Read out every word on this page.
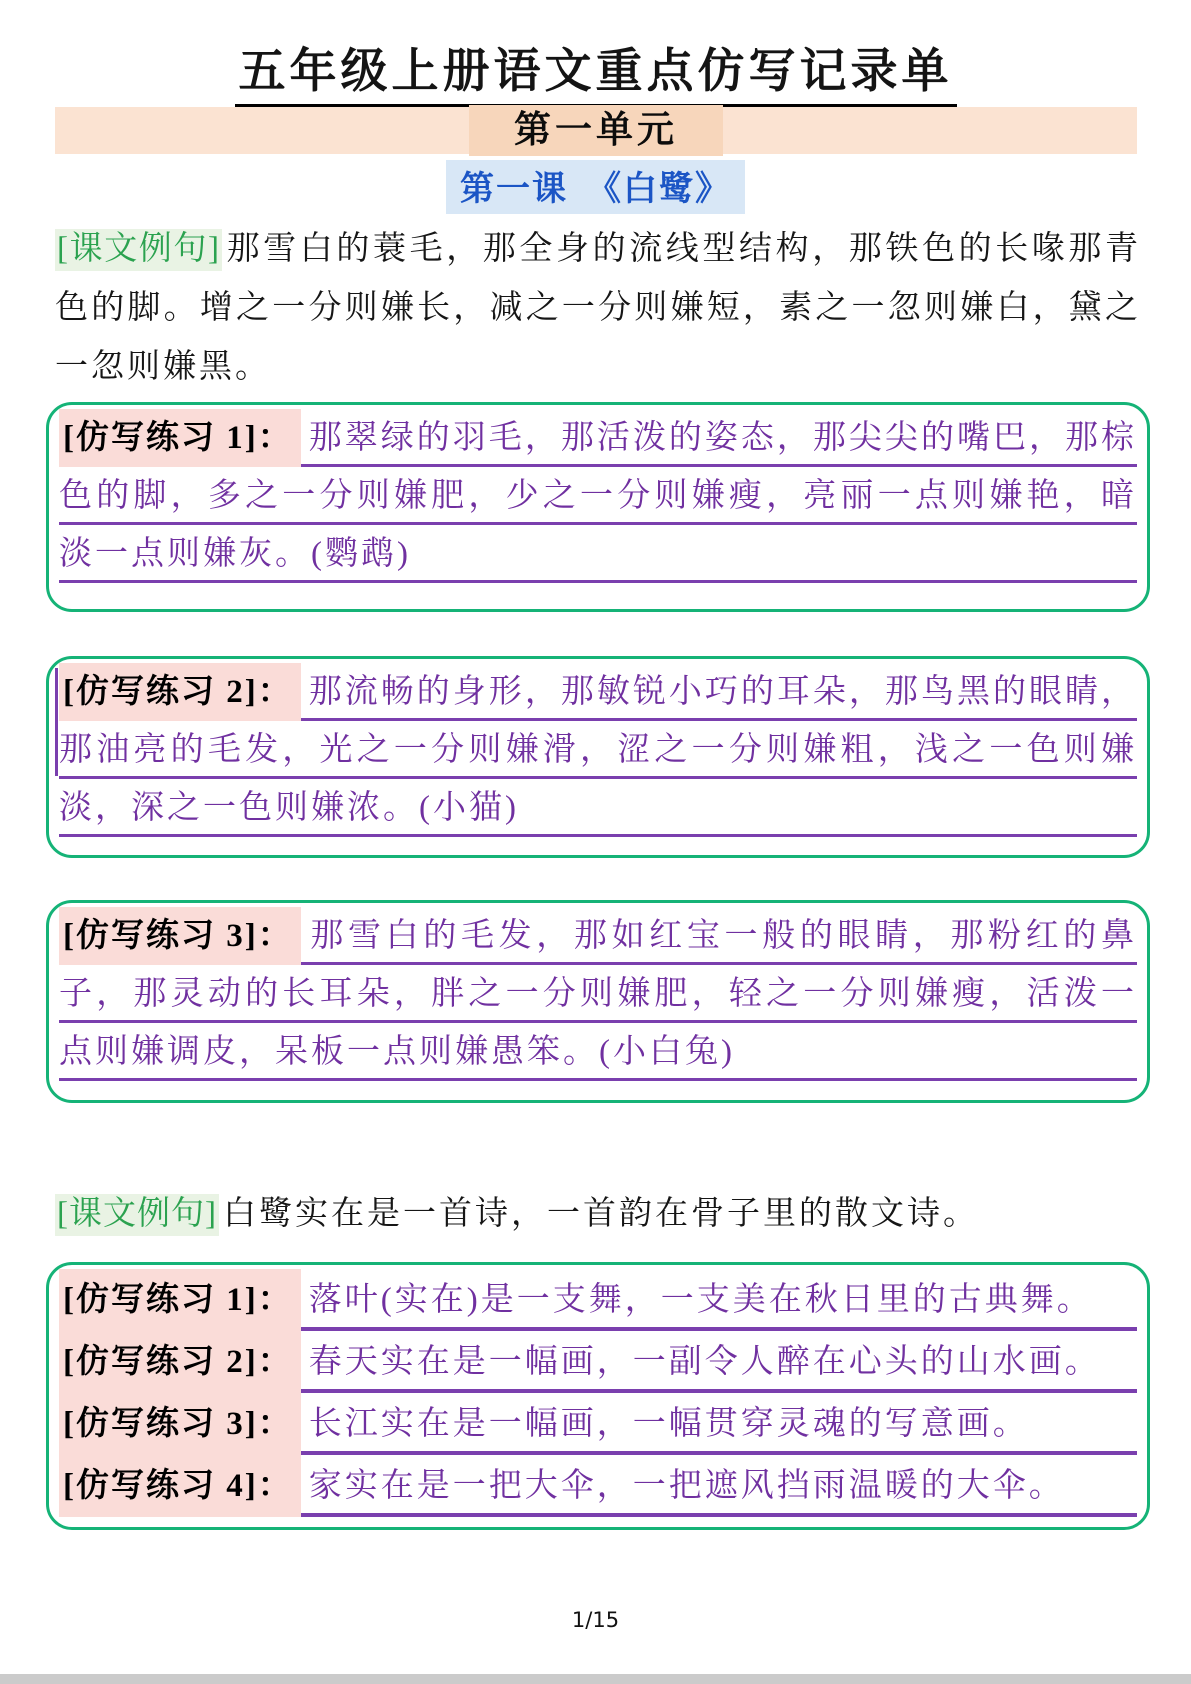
五年级上册语文重点仿写记录单
第一单元
第一课　《白鹭》
[课文例句] 那雪白的蓑毛，那全身的流线型结构，那铁色的长喙那青色的脚。增之一分则嫌长，减之一分则嫌短，素之一忽则嫌白，黛之一忽则嫌黑。
[仿写练习 1]： 那翠绿的羽毛，那活泼的姿态，那尖尖的嘴巴，那棕色的脚，多之一分则嫌肥，少之一分则嫌瘦，亮丽一点则嫌艳，暗淡一点则嫌灰。(鹦鹉)
[仿写练习 2]： 那流畅的身形，那敏锐小巧的耳朵，那鸟黑的眼睛，那油亮的毛发，光之一分则嫌滑，涩之一分则嫌粗，浅之一色则嫌淡，深之一色则嫌浓。(小猫)
[仿写练习 3]： 那雪白的毛发，那如红宝一般的眼睛，那粉红的鼻子，那灵动的长耳朵，胖之一分则嫌肥，轻之一分则嫌瘦，活泼一点则嫌调皮，呆板一点则嫌愚笨。(小白兔)
[课文例句] 白鹭实在是一首诗，一首韵在骨子里的散文诗。
[仿写练习 1]： 落叶(实在)是一支舞，一支美在秋日里的古典舞。
[仿写练习 2]： 春天实在是一幅画，一副令人醉在心头的山水画。
[仿写练习 3]： 长江实在是一幅画，一幅贯穿灵魂的写意画。
[仿写练习 4]： 家实在是一把大伞，一把遮风挡雨温暖的大伞。
1/15
